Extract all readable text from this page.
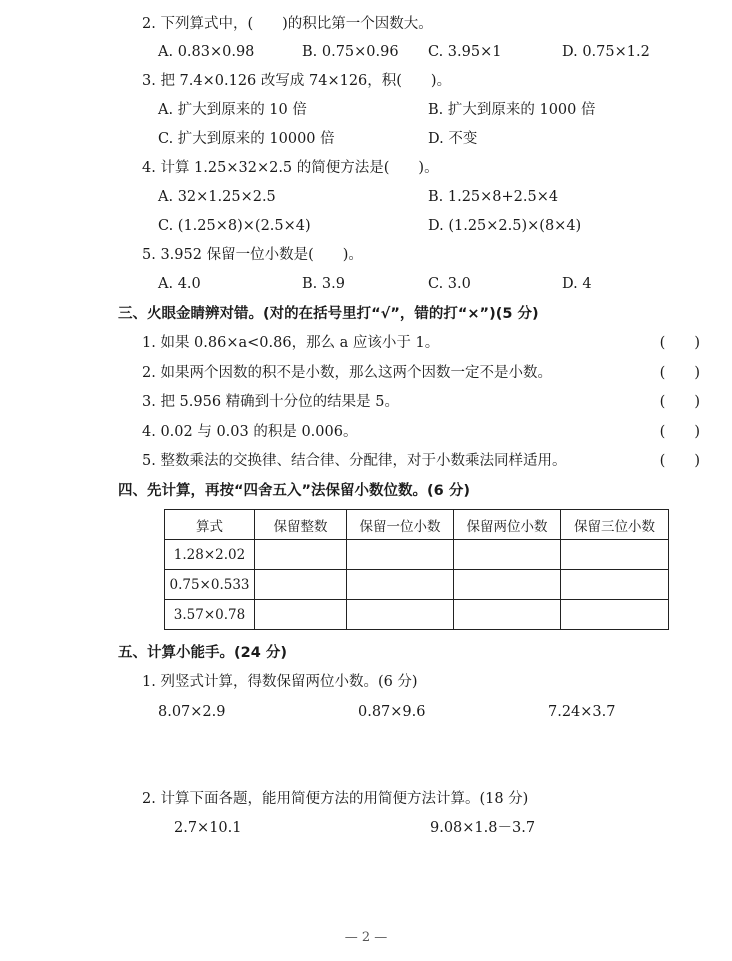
2. 下列算式中，(　　)的积比第一个因数大。
A. 0.83×0.98	B. 0.75×0.96 C. 3.95×1	D. 0.75×1.2
3. 把 7.4×0.126 改写成 74×126，积(　　)。
A. 扩大到原来的 10 倍	B. 扩大到原来的 1000 倍
C. 扩大到原来的 10000 倍	D. 不变
4. 计算 1.25×32×2.5 的简便方法是(　　)。
A. 32×1.25×2.5	B. 1.25×8+2.5×4
C. (1.25×8)×(2.5×4)	D. (1.25×2.5)×(8×4)
5. 3.952 保留一位小数是(　　)。
A. 4.0	B. 3.9	C. 3.0	D. 4
三、火眼金睛辨对错。(对的在括号里打“√”，错的打“×”)(5 分)
1. 如果 0.86×a<0.86，那么 a 应该小于 1。	(　　)
2. 如果两个因数的积不是小数，那么这两个因数一定不是小数。	(　　)
3. 把 5.956 精确到十分位的结果是 5。	(　　)
4. 0.02 与 0.03 的积是 0.006。	(　　)
5. 整数乘法的交换律、结合律、分配律，对于小数乘法同样适用。	(　　)
四、先计算，再按“四舍五入”法保留小数位数。(6 分)
算式	保留整数	保留一位小数	保留两位小数	保留三位小数
1.28×2.02				
0.75×0.533				
3.57×0.78				
五、计算小能手。(24 分)
1. 列竖式计算，得数保留两位小数。(6 分)
8.07×2.9	0.87×9.6	7.24×3.7
2. 计算下面各题，能用简便方法的用简便方法计算。(18 分)
2.7×10.1	9.08×1.8－3.7
— 2 —
